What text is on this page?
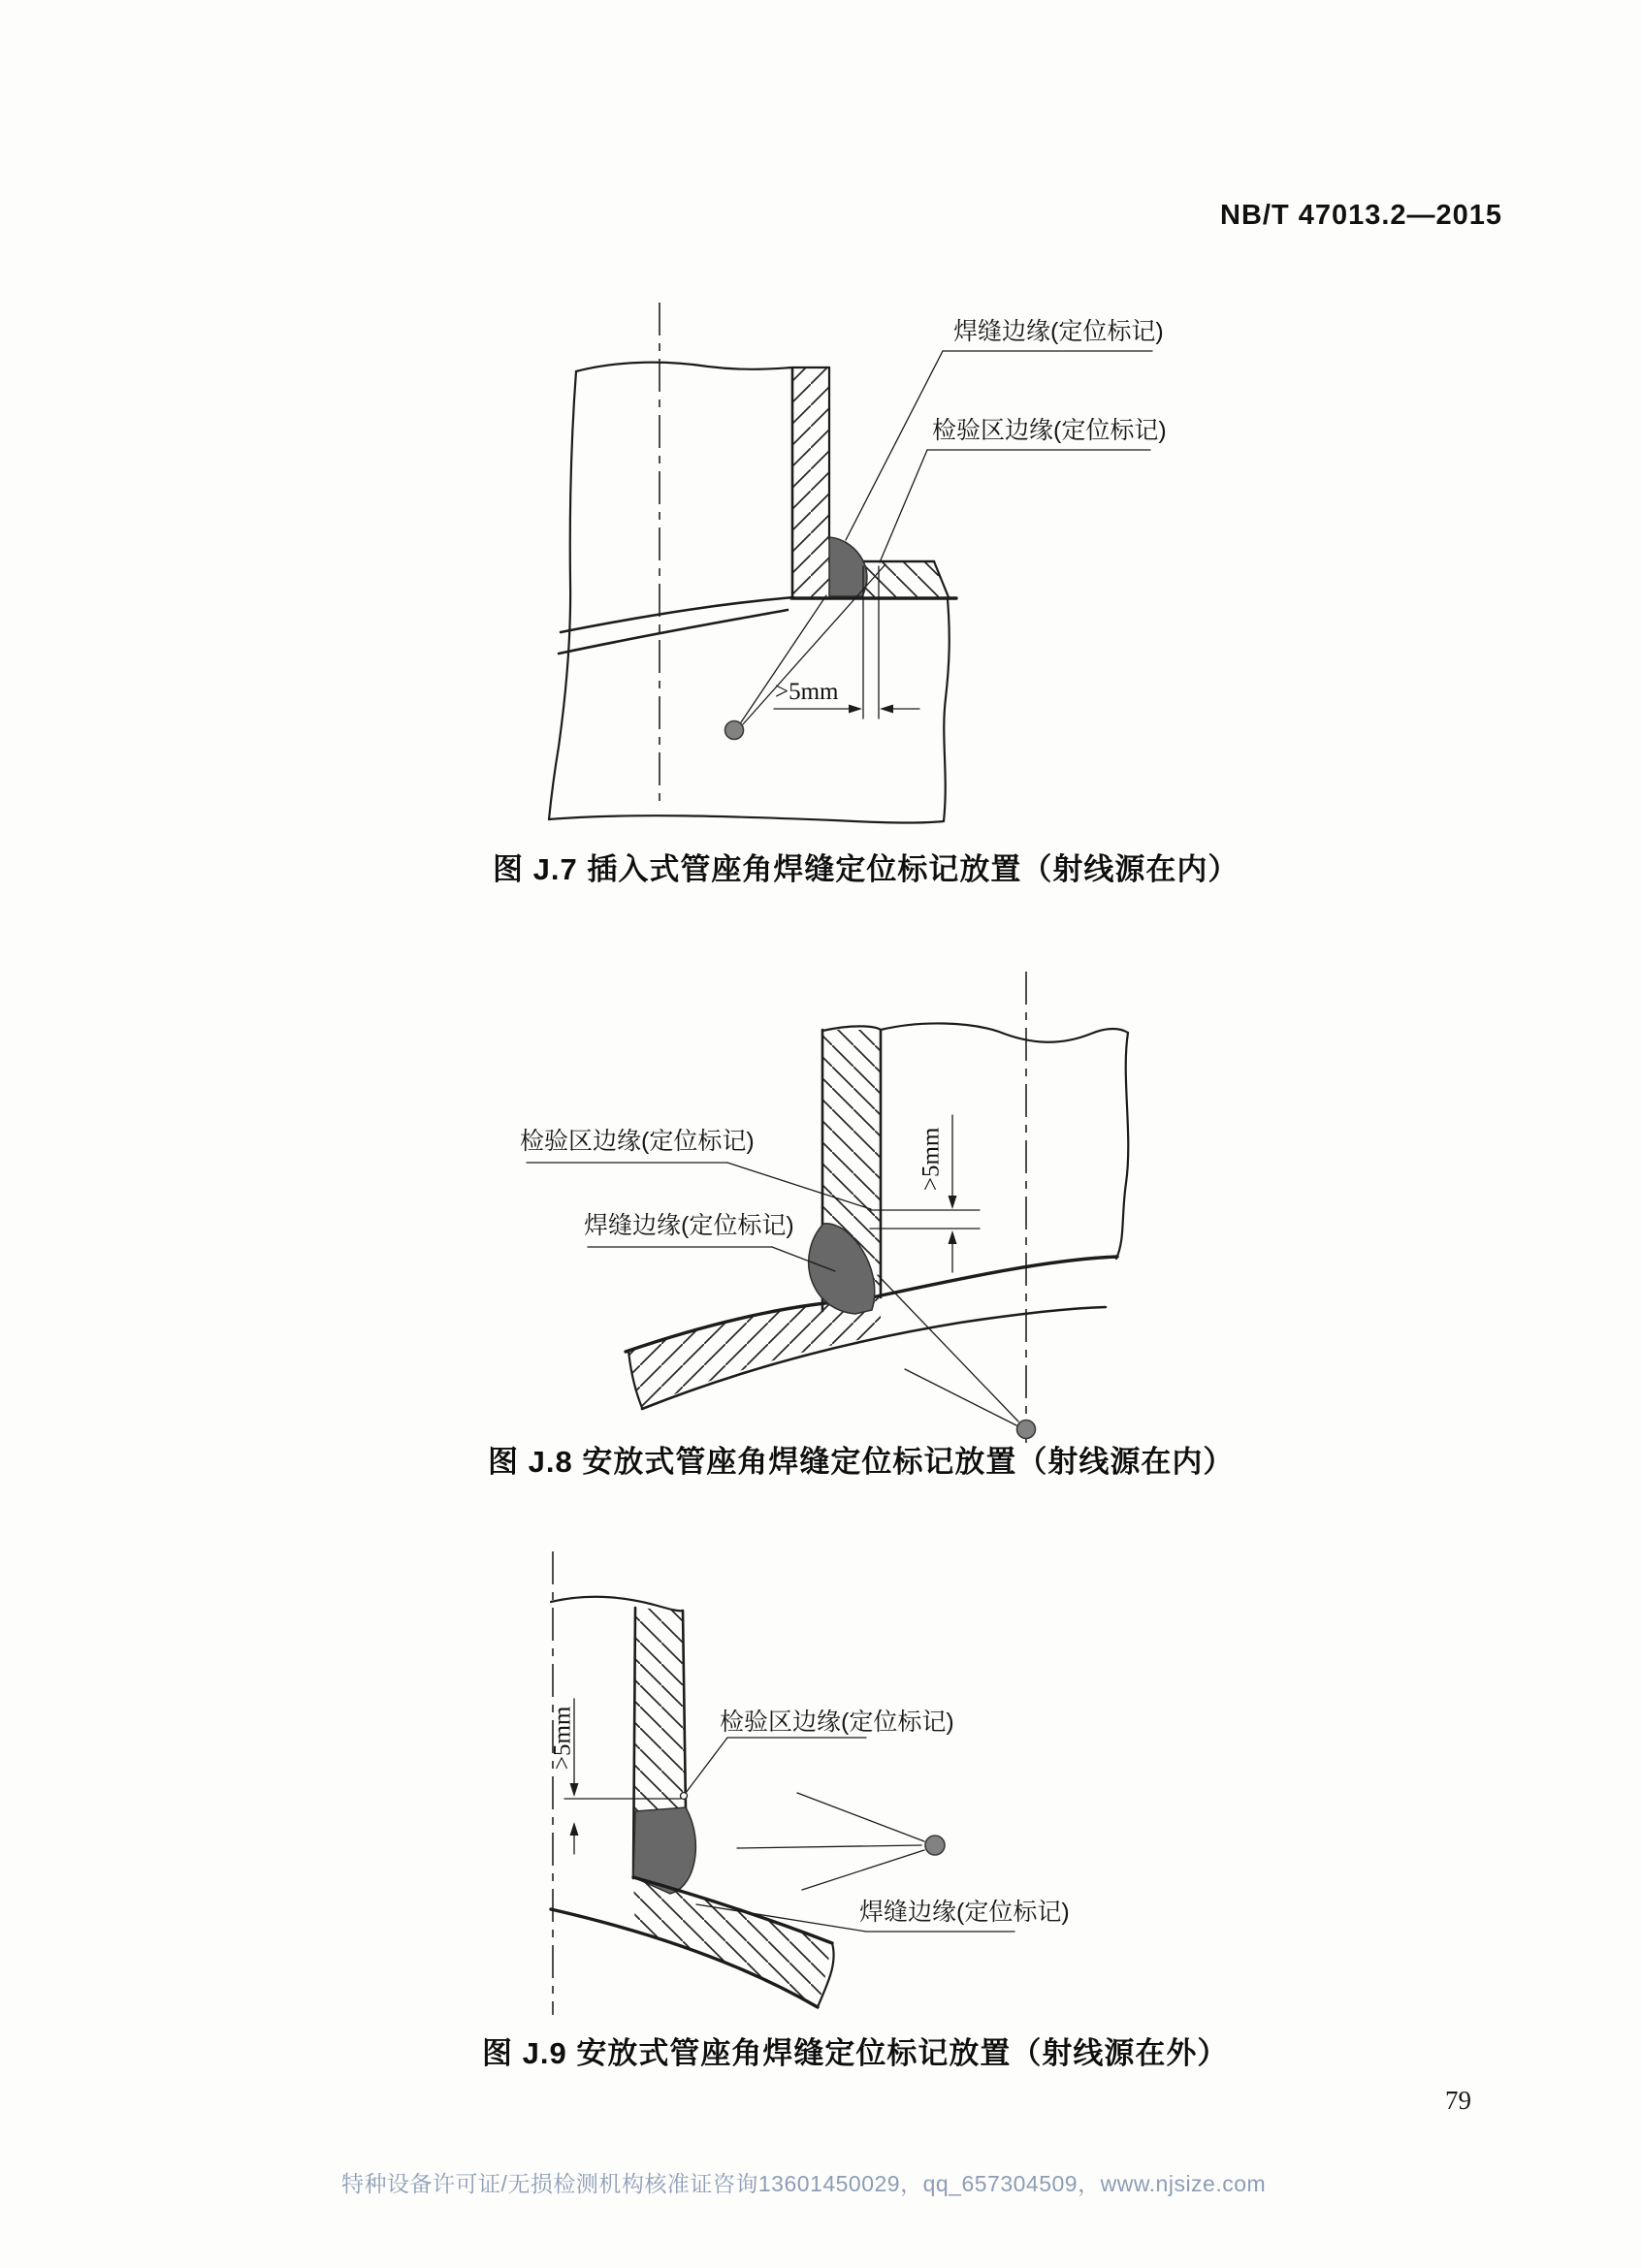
NB/T 47013.2—2015
焊缝边缘(定位标记)
检验区边缘(定位标记)
>5mm
图 J.7 插入式管座角焊缝定位标记放置（射线源在内）
检验区边缘(定位标记)
焊缝边缘(定位标记)
>5mm
图 J.8 安放式管座角焊缝定位标记放置（射线源在内）
检验区边缘(定位标记)
焊缝边缘(定位标记)
>5mm
图 J.9 安放式管座角焊缝定位标记放置（射线源在外）
79
特种设备许可证/无损检测机构核准证咨询13601450029，qq_657304509，www.njsize.com
